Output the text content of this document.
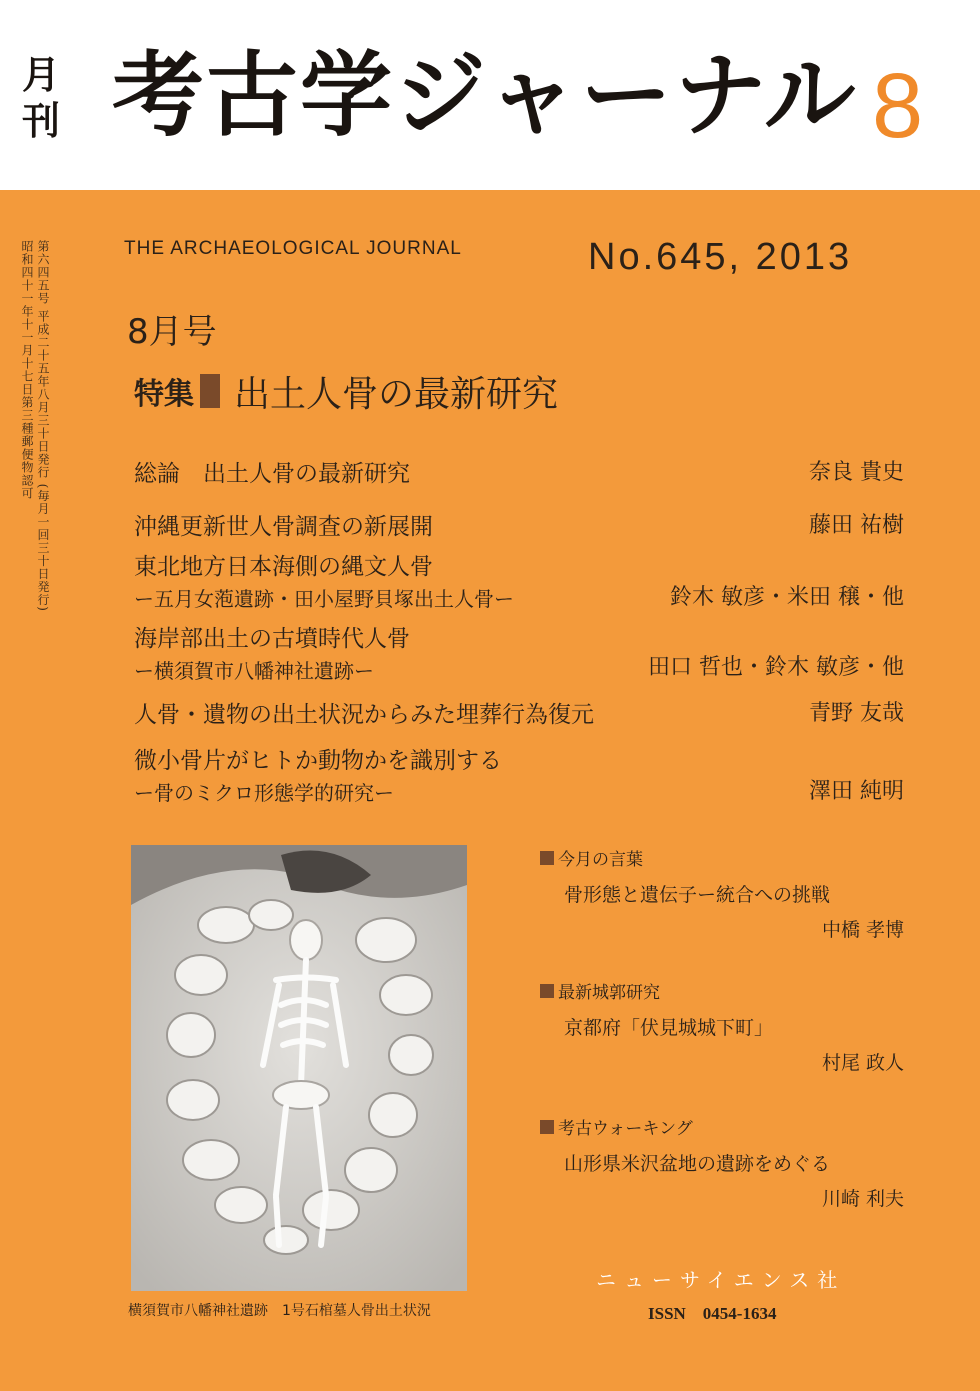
月
刊 考古学ジャーナル 8
第六四五号 平成二十五年八月三十日発行 (毎月一回三十日発行)
昭和四十一年十一月十七日第三種郵便物認可	THE ARCHAEOLOGICAL JOURNAL	No.645, 2013
8月号
特集 出土人骨の最新研究
総論　出土人骨の最新研究	奈良 貴史
沖縄更新世人骨調査の新展開	藤田 祐樹
東北地方日本海側の縄文人骨
ー五月女萢遺跡・田小屋野貝塚出土人骨ー	鈴木 敏彦・米田 穣・他
海岸部出土の古墳時代人骨
ー横須賀市八幡神社遺跡ー	田口 哲也・鈴木 敏彦・他
人骨・遺物の出土状況からみた埋葬行為復元	青野 友哉
微小骨片がヒトか動物かを識別する
ー骨のミクロ形態学的研究ー	澤田 純明
横須賀市八幡神社遺跡　1号石棺墓人骨出土状況
今月の言葉
骨形態と遺伝子ー統合への挑戦
中橋 孝博
最新城郭研究
京都府「伏見城城下町」
村尾 政人
考古ウォーキング
山形県米沢盆地の遺跡をめぐる
川崎 利夫
ニューサイエンス社
ISSN　0454-1634
